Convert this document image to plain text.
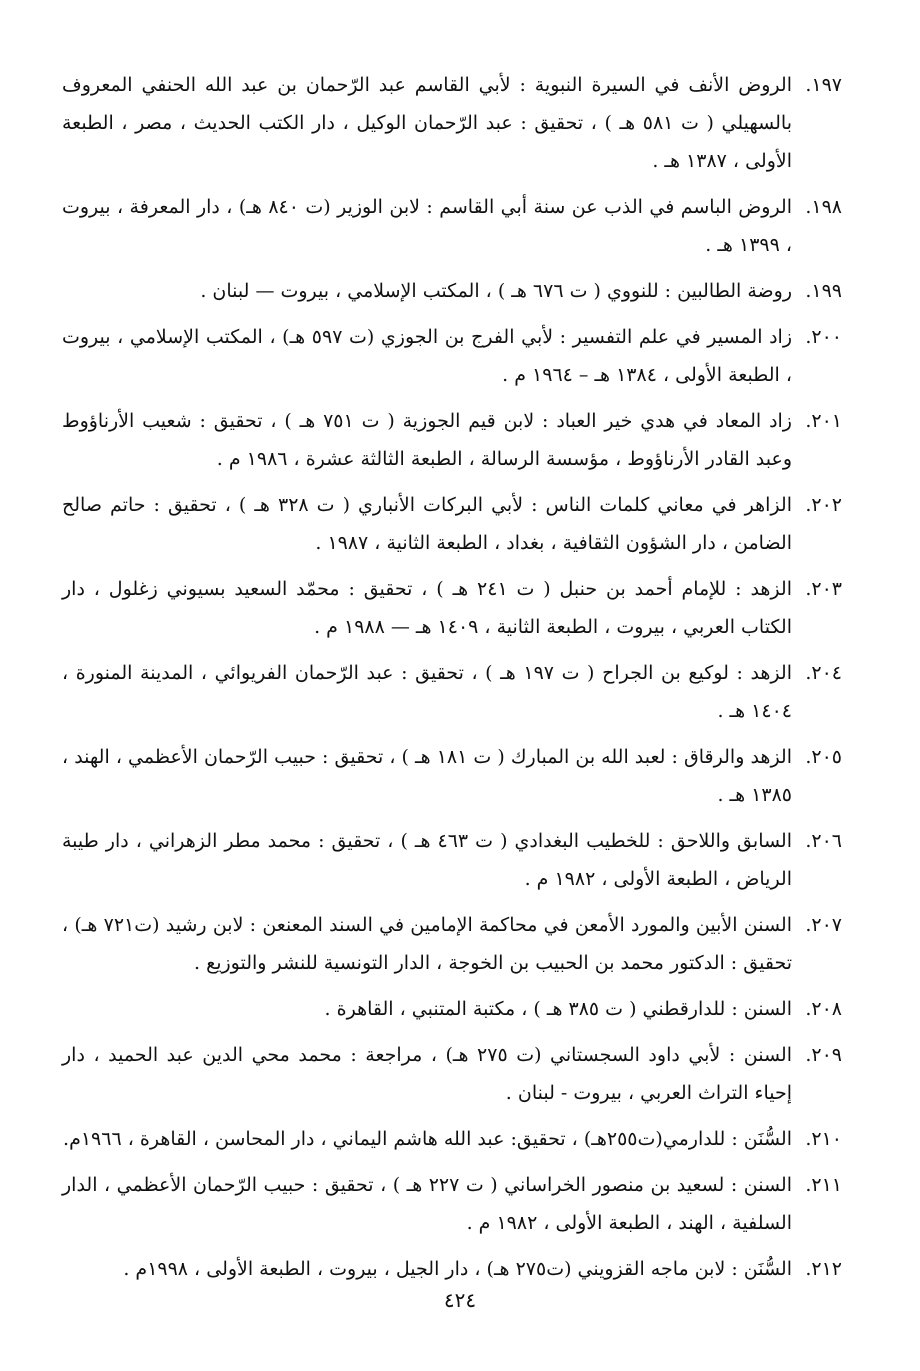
١٩٧.
الروض الأنف في السيرة النبوية : لأبي القاسم عبد الرّحمان بن عبد الله الحنفي المعروف بالسهيلي ( ت ٥٨١ هـ ) ، تحقيق : عبد الرّحمان الوكيل ، دار الكتب الحديث ، مصر ، الطبعة الأولى ، ١٣٨٧ هـ .
١٩٨.
الروض الباسم في الذب عن سنة أبي القاسم : لابن الوزير (ت ٨٤٠ هـ) ، دار المعرفة ، بيروت ، ١٣٩٩ هـ .
١٩٩.
روضة الطالبين : للنووي ( ت ٦٧٦ هـ ) ، المكتب الإسلامي ، بيروت — لبنان .
٢٠٠.
زاد المسير في علم التفسير : لأبي الفرج بن الجوزي (ت ٥٩٧ هـ) ، المكتب الإسلامي ، بيروت ، الطبعة الأولى ، ١٣٨٤ هـ – ١٩٦٤ م .
٢٠١.
زاد المعاد في هدي خير العباد : لابن قيم الجوزية ( ت ٧٥١ هـ ) ، تحقيق : شعيب الأرناؤوط وعبد القادر الأرناؤوط ، مؤسسة الرسالة ، الطبعة الثالثة عشرة ، ١٩٨٦ م .
٢٠٢.
الزاهر في معاني كلمات الناس : لأبي البركات الأنباري ( ت ٣٢٨ هـ ) ، تحقيق : حاتم صالح الضامن ، دار الشؤون الثقافية ، بغداد ، الطبعة الثانية ، ١٩٨٧ .
٢٠٣.
الزهد : للإمام أحمد بن حنبل ( ت ٢٤١ هـ ) ، تحقيق : محمّد السعيد بسيوني زغلول ، دار الكتاب العربي ، بيروت ، الطبعة الثانية ، ١٤٠٩ هـ — ١٩٨٨ م .
٢٠٤.
الزهد : لوكيع بن الجراح ( ت ١٩٧ هـ ) ، تحقيق : عبد الرّحمان الفريوائي ، المدينة المنورة ، ١٤٠٤ هـ .
٢٠٥.
الزهد والرقاق : لعبد الله بن المبارك ( ت ١٨١ هـ ) ، تحقيق : حبيب الرّحمان الأعظمي ، الهند ، ١٣٨٥ هـ .
٢٠٦.
السابق واللاحق : للخطيب البغدادي ( ت ٤٦٣ هـ ) ، تحقيق : محمد مطر الزهراني ، دار طيبة الرياض ، الطبعة الأولى ، ١٩٨٢ م .
٢٠٧.
السنن الأبين والمورد الأمعن في محاكمة الإمامين في السند المعنعن : لابن رشيد (ت٧٢١ هـ) ، تحقيق : الدكتور محمد بن الحبيب بن الخوجة ، الدار التونسية للنشر والتوزيع .
٢٠٨.
السنن : للدارقطني ( ت ٣٨٥ هـ ) ، مكتبة المتنبي ، القاهرة .
٢٠٩.
السنن : لأبي داود السجستاني (ت ٢٧٥ هـ) ، مراجعة : محمد محي الدين عبد الحميد ، دار إحياء التراث العربي ، بيروت - لبنان .
٢١٠.
السُّنَن : للدارمي(ت٢٥٥هـ) ، تحقيق: عبد الله هاشم اليماني ، دار المحاسن ، القاهرة ، ١٩٦٦م.
٢١١.
السنن : لسعيد بن منصور الخراساني ( ت ٢٢٧ هـ ) ، تحقيق : حبيب الرّحمان الأعظمي ، الدار السلفية ، الهند ، الطبعة الأولى ، ١٩٨٢ م .
٢١٢.
السُّنَن : لابن ماجه القزويني (ت٢٧٥ هـ) ، دار الجيل ، بيروت ، الطبعة الأولى ، ١٩٩٨م .
٤٢٤
